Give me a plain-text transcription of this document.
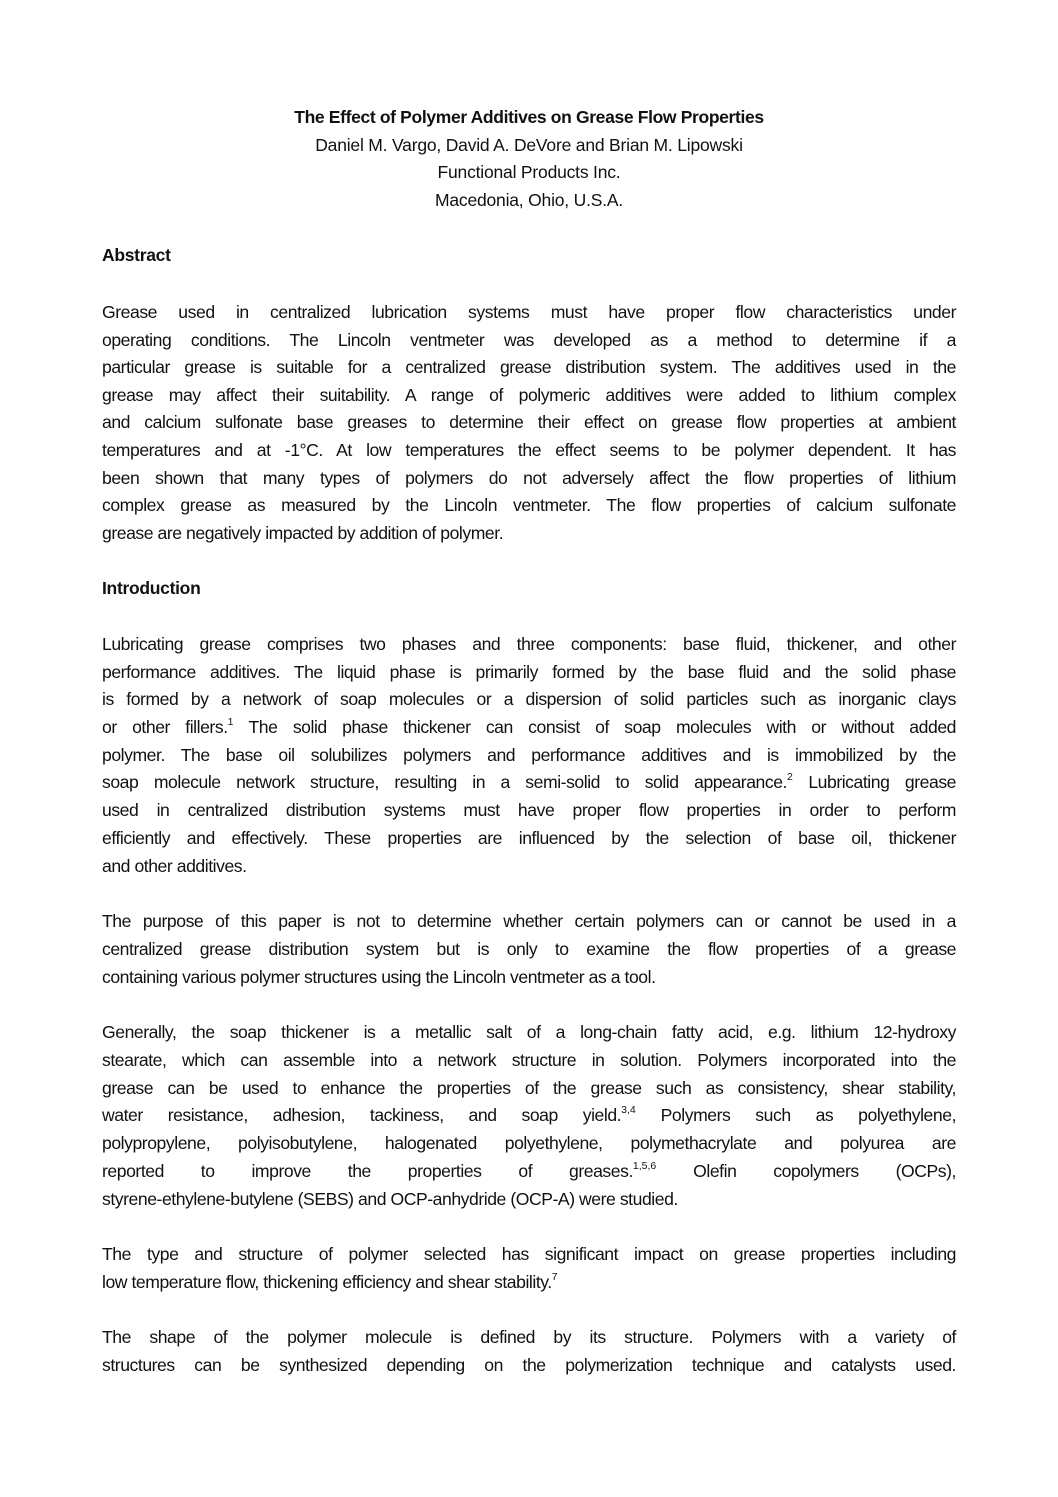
The Effect of Polymer Additives on Grease Flow Properties
Daniel M. Vargo, David A. DeVore and Brian M. Lipowski
Functional Products Inc.
Macedonia, Ohio, U.S.A.
Abstract
Grease used in centralized lubrication systems must have proper flow characteristics under
operating conditions. The Lincoln ventmeter was developed as a method to determine if a
particular grease is suitable for a centralized grease distribution system. The additives used in the
grease may affect their suitability. A range of polymeric additives were added to lithium complex
and calcium sulfonate base greases to determine their effect on grease flow properties at ambient
temperatures and at -1°C. At low temperatures the effect seems to be polymer dependent. It has
been shown that many types of polymers do not adversely affect the flow properties of lithium
complex grease as measured by the Lincoln ventmeter. The flow properties of calcium sulfonate
grease are negatively impacted by addition of polymer.
Introduction
Lubricating grease comprises two phases and three components: base fluid, thickener, and other
performance additives. The liquid phase is primarily formed by the base fluid and the solid phase
is formed by a network of soap molecules or a dispersion of solid particles such as inorganic clays
or other fillers.$^1$ The solid phase thickener can consist of soap molecules with or without added
polymer. The base oil solubilizes polymers and performance additives and is immobilized by the
soap molecule network structure, resulting in a semi-solid to solid appearance.$^2$ Lubricating grease
used in centralized distribution systems must have proper flow properties in order to perform
efficiently and effectively. These properties are influenced by the selection of base oil, thickener
and other additives.
The purpose of this paper is not to determine whether certain polymers can or cannot be used in a
centralized grease distribution system but is only to examine the flow properties of a grease
containing various polymer structures using the Lincoln ventmeter as a tool.
Generally, the soap thickener is a metallic salt of a long-chain fatty acid, e.g. lithium 12-hydroxy
stearate, which can assemble into a network structure in solution. Polymers incorporated into the
grease can be used to enhance the properties of the grease such as consistency, shear stability,
water resistance, adhesion, tackiness, and soap yield.$^{3,4}$ Polymers such as polyethylene,
polypropylene, polyisobutylene, halogenated polyethylene, polymethacrylate and polyurea are
reported to improve the properties of greases.$^{1,5,6}$ Olefin copolymers (OCPs),
styrene-ethylene-butylene (SEBS) and OCP-anhydride (OCP-A) were studied.
The type and structure of polymer selected has significant impact on grease properties including
low temperature flow, thickening efficiency and shear stability.$^7$
The shape of the polymer molecule is defined by its structure. Polymers with a variety of
structures can be synthesized depending on the polymerization technique and catalysts used.
